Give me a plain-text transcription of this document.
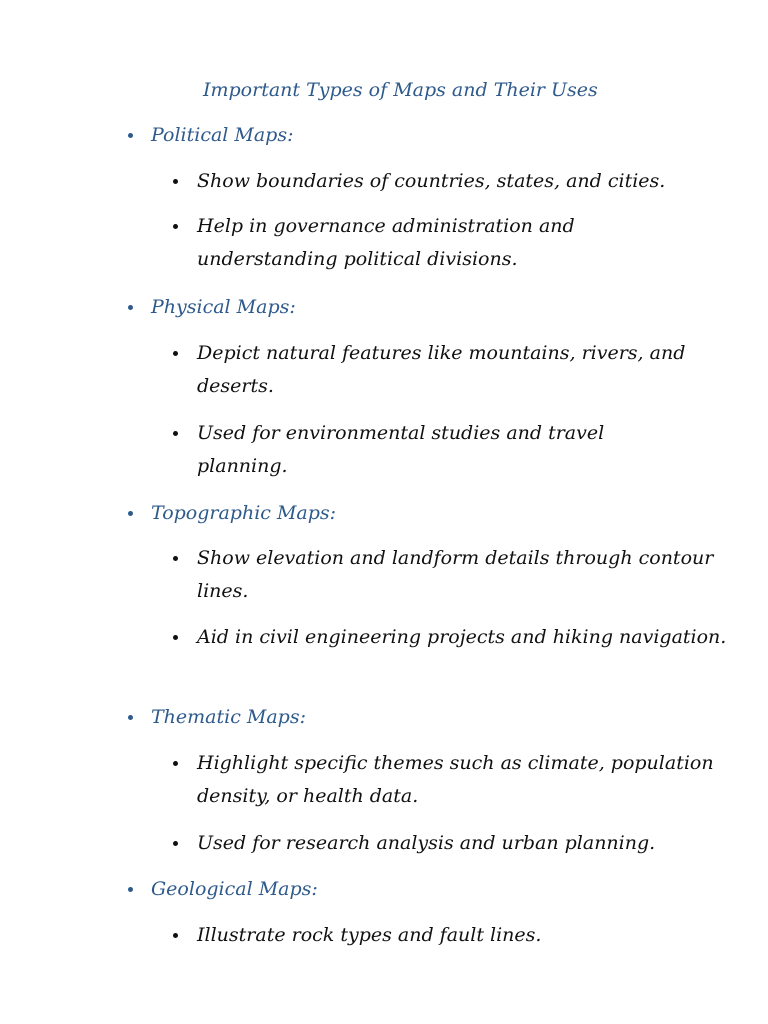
Important Types of Maps and Their Uses
Political Maps:
Show boundaries of countries, states, and cities.
Help in governance administration and understanding political divisions.
Physical Maps:
Depict natural features like mountains, rivers, and deserts.
Used for environmental studies and travel planning.
Topographic Maps:
Show elevation and landform details through contour lines.
Aid in civil engineering projects and hiking navigation.
Thematic Maps:
Highlight specific themes such as climate, population density, or health data.
Used for research analysis and urban planning.
Geological Maps:
Illustrate rock types and fault lines.
